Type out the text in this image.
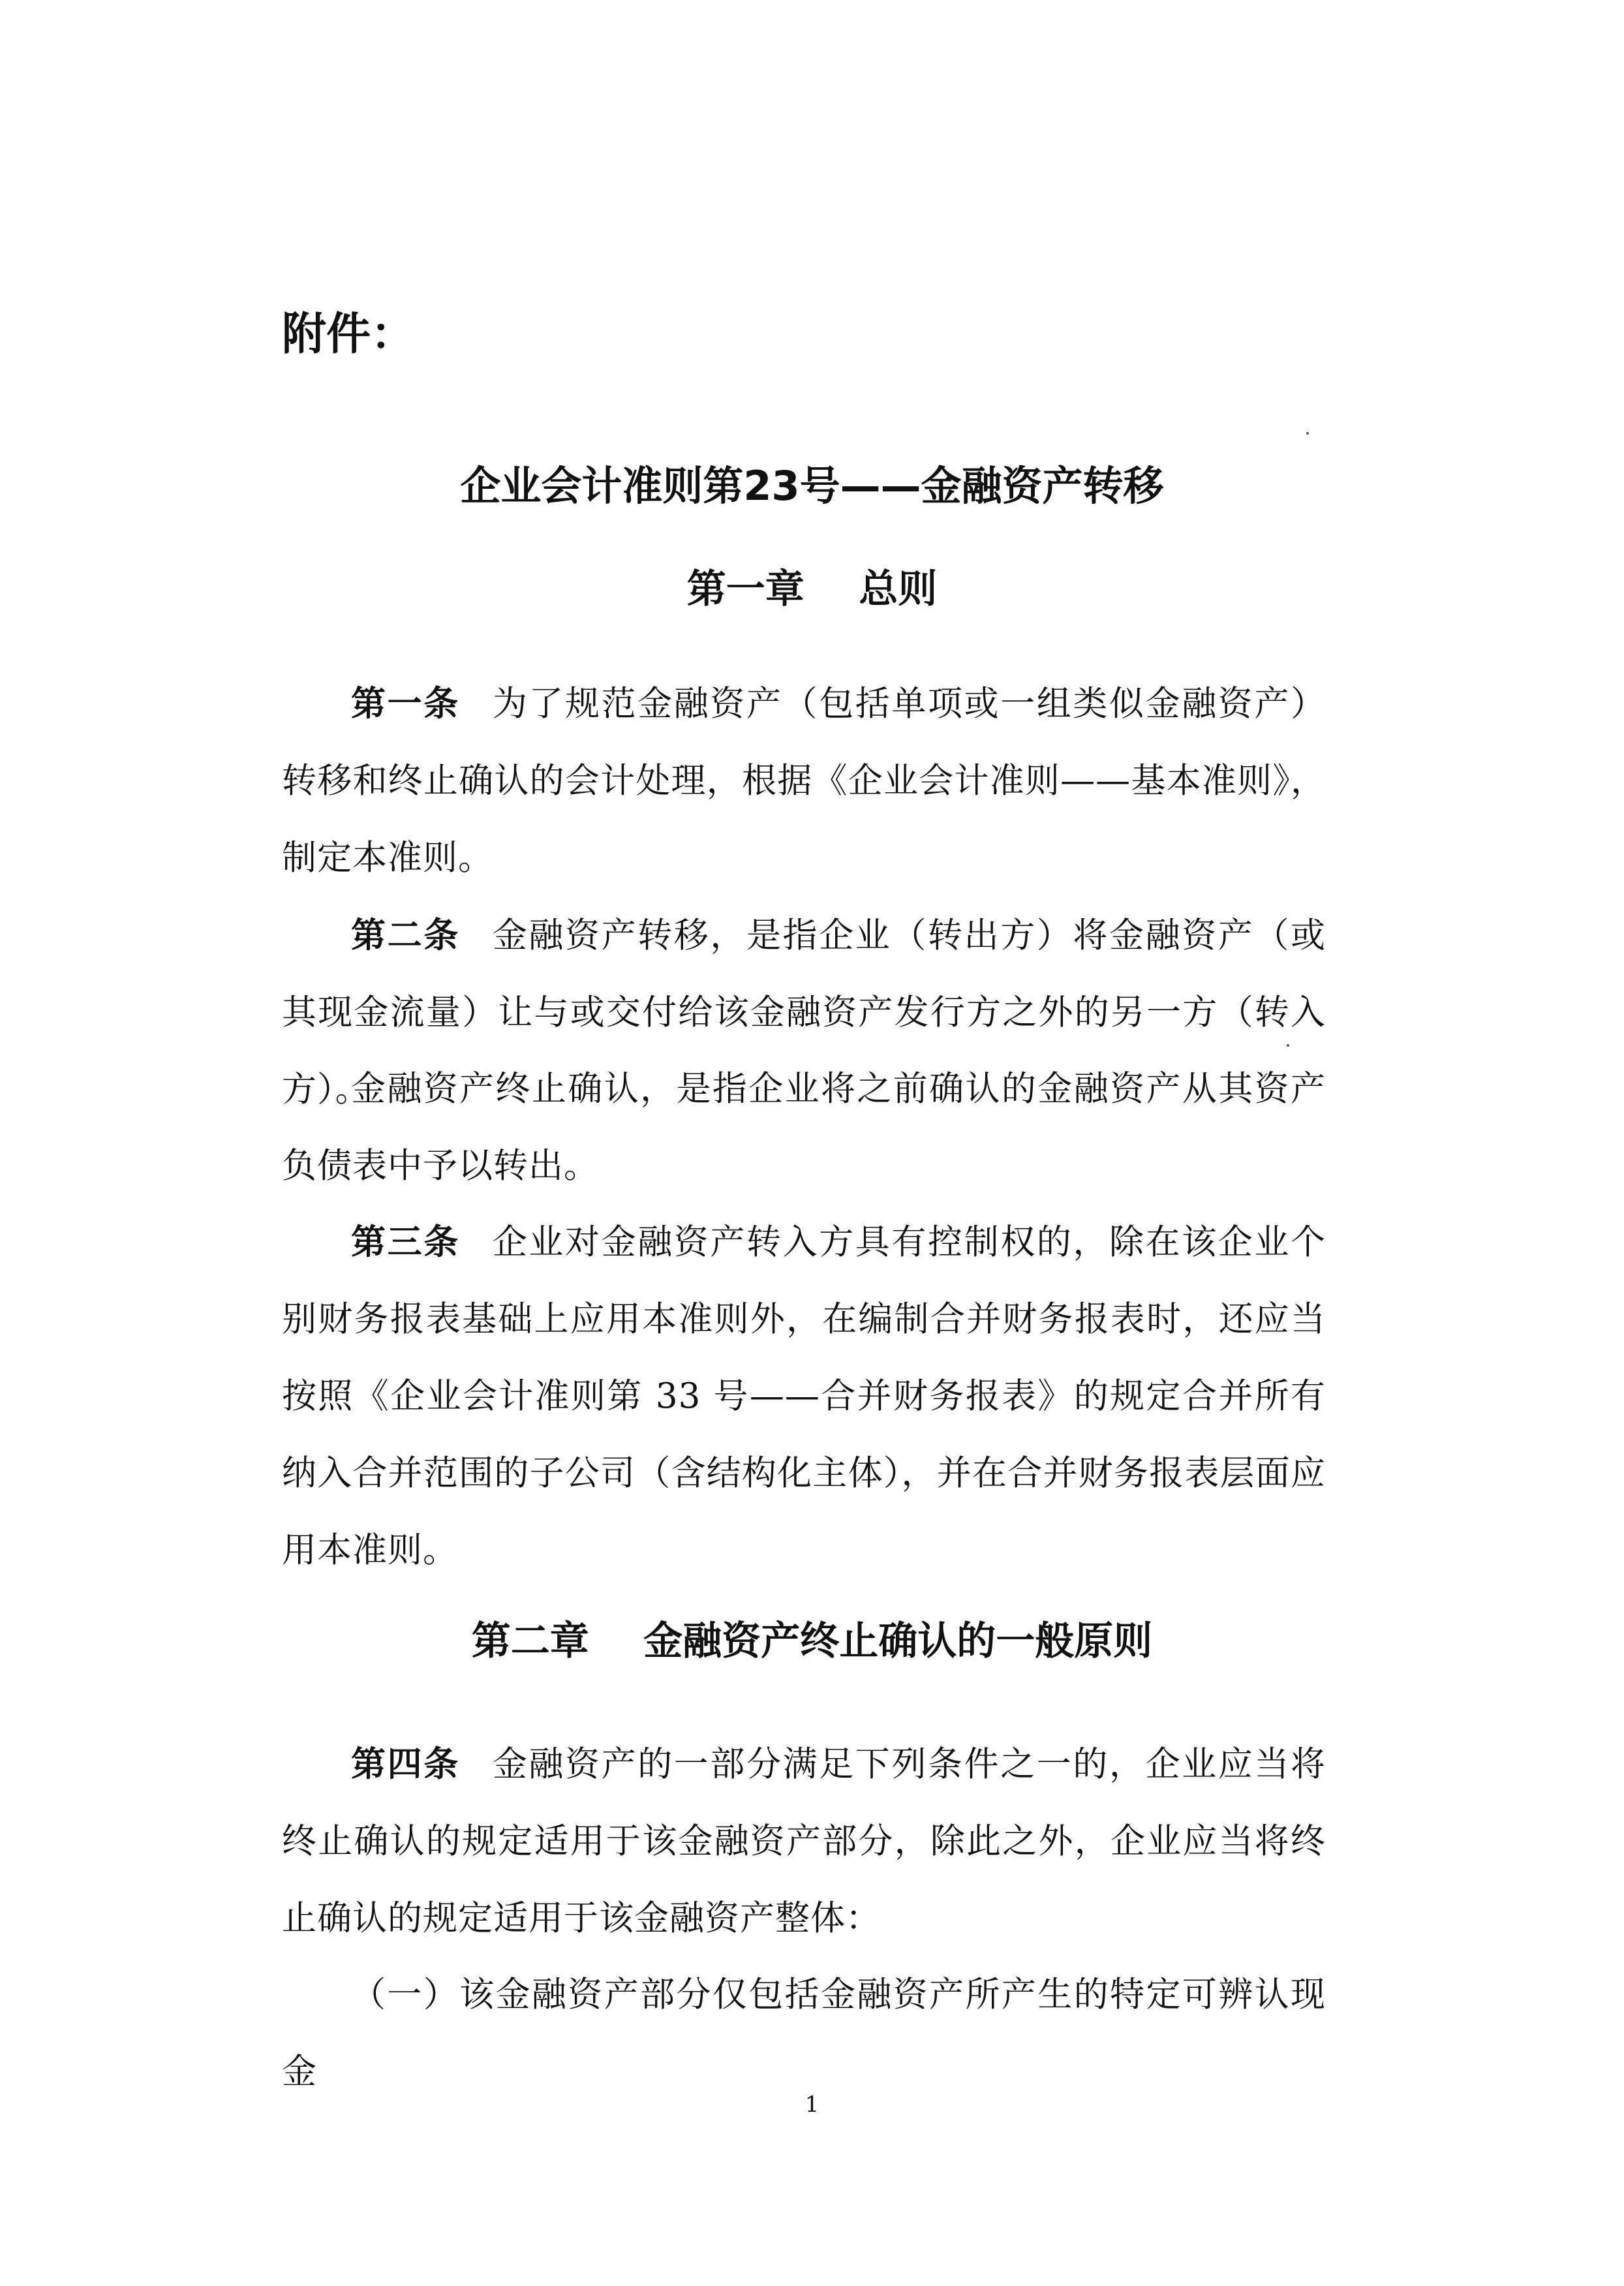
附件：

企业会计准则第23号——金融资产转移
第一章    总则

第一条 为了规范金融资产（包括单项或一组类似金融资产）转移和终止确认的会计处理，根据《企业会计准则——基本准则》，制定本准则。

第二条 金融资产转移，是指企业（转出方）将金融资产（或其现金流量）让与或交付给该金融资产发行方之外的另一方（转入方）。

金融资产终止确认，是指企业将之前确认的金融资产从其资产负债表中予以转出。

第三条 企业对金融资产转入方具有控制权的，除在该企业个别财务报表基础上应用本准则外，在编制合并财务报表时，还应当按照《企业会计准则第 33 号——合并财务报表》的规定合并所有纳入合并范围的子公司（含结构化主体），并在合并财务报表层面应用本准则。

第二章    金融资产终止确认的一般原则

第四条 金融资产的一部分满足下列条件之一的，企业应当将终止确认的规定适用于该金融资产部分，除此之外，企业应当将终止确认的规定适用于该金融资产整体：

（一）该金融资产部分仅包括金融资产所产生的特定可辨认现金

1
